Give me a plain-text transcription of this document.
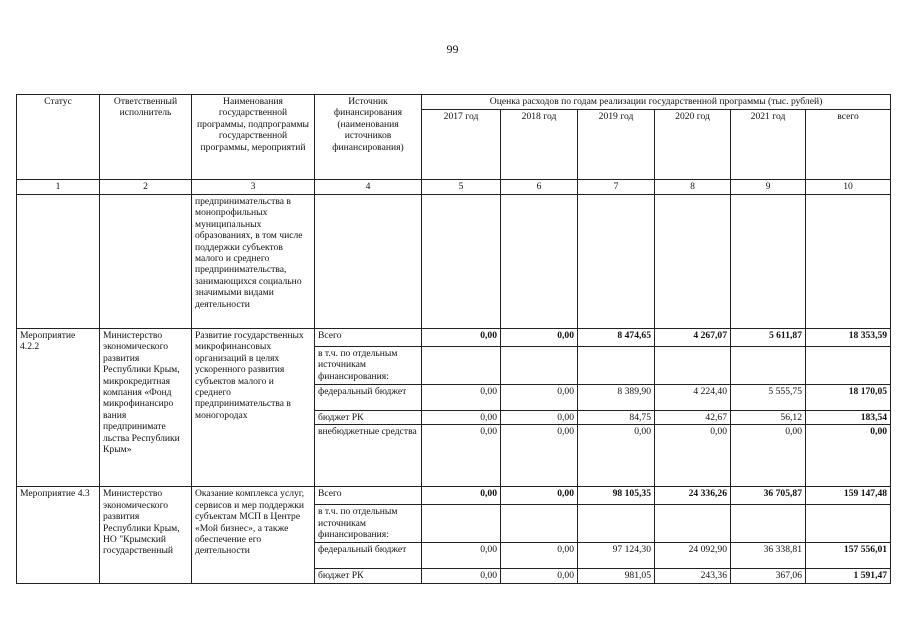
99
Статус	Ответственный исполнитель	Наименования государственной программы, подпрограммы государственной программы, мероприятий	Источник финансирования (наименования источников финансирования)	Оценка расходов по годам реализации государственной программы (тыс. рублей)					
				2017 год	2018 год	2019 год	2020 год	2021 год	всего
1	2	3	4	5	6	7	8	9	10
		предпринимательства в монопрофильных муниципальных образованиях, в том числе поддержки субъектов малого и среднего предпринимательства, занимающихся социально значимыми видами деятельности							
Мероприятие 4.2.2	Министерство экономического развития Республики Крым, микрокредитная компания «Фонд микрофинансиро вания предпринимате льства Республики Крым»	Развитие государственных микрофинансовых организаций в целях ускоренного развития субъектов малого и среднего предпринимательства в моногородах	Всего	0,00	0,00	8 474,65	4 267,07	5 611,87	18 353,59
			в т.ч. по отдельным источникам финансирования:						
			федеральный бюджет	0,00	0,00	8 389,90	4 224,40	5 555,75	18 170,05
			бюджет РК	0,00	0,00	84,75	42,67	56,12	183,54
			внебюджетные средства	0,00	0,00	0,00	0,00	0,00	0,00
Мероприятие 4.3	Министерство экономического развития Республики Крым, НО "Крымский государственный	Оказание комплекса услуг, сервисов и мер поддержки субъектам МСП в Центре «Мой бизнес», а также обеспечение его деятельности	Всего	0,00	0,00	98 105,35	24 336,26	36 705,87	159 147,48
			в т.ч. по отдельным источникам финансирования:						
			федеральный бюджет	0,00	0,00	97 124,30	24 092,90	36 338,81	157 556,01
			бюджет РК	0,00	0,00	981,05	243,36	367,06	1 591,47
